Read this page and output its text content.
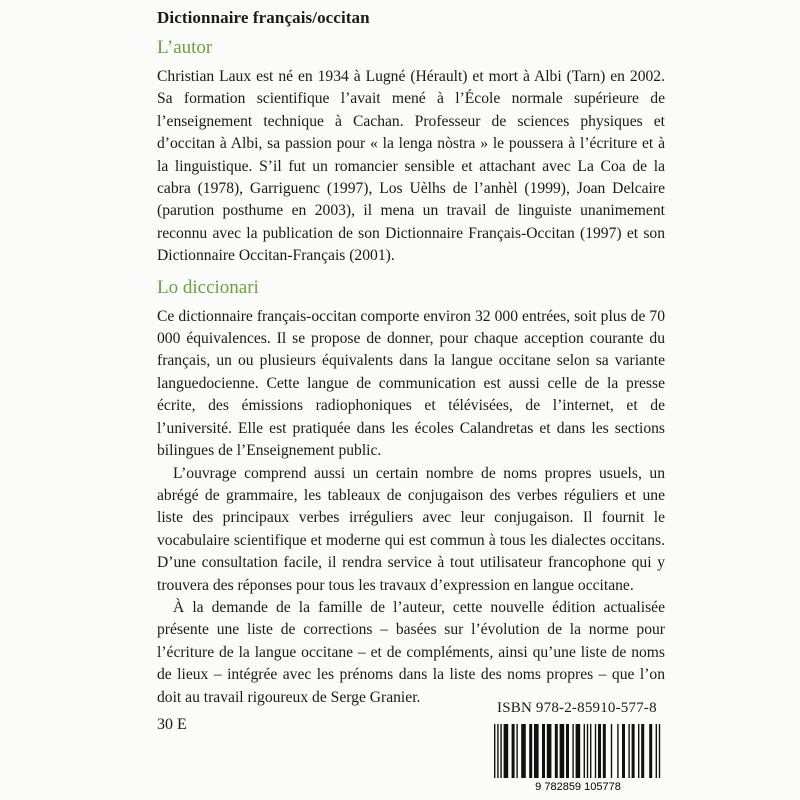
Dictionnaire français/occitan
L’autor

Christian Laux est né en 1934 à Lugné (Hérault) et mort à Albi (Tarn) en 2002. Sa formation scientifique l’avait mené à l’École normale supérieure de l’enseignement technique à Cachan. Professeur de sciences physiques et d’occitan à Albi, sa passion pour « la lenga nòstra » le poussera à l’écriture et à la linguistique. S’il fut un romancier sensible et attachant avec La Coa de la cabra (1978), Garriguenc (1997), Los Uèlhs de l’anhèl (1999), Joan Delcaire (parution posthume en 2003), il mena un travail de linguiste unanimement reconnu avec la publication de son Dictionnaire Français-Occitan (1997) et son Dictionnaire Occitan-Français (2001).

Lo diccionari

Ce dictionnaire français-occitan comporte environ 32 000 entrées, soit plus de 70 000 équivalences. Il se propose de donner, pour chaque acception courante du français, un ou plusieurs équivalents dans la langue occitane selon sa variante languedocienne. Cette langue de communication est aussi celle de la presse écrite, des émissions radiophoniques et télévisées, de l’internet, et de l’université. Elle est pratiquée dans les écoles Calandretas et dans les sections bilingues de l’Enseignement public.

L’ouvrage comprend aussi un certain nombre de noms propres usuels, un abrégé de grammaire, les tableaux de conjugaison des verbes réguliers et une liste des principaux verbes irréguliers avec leur conjugaison. Il fournit le vocabulaire scientifique et moderne qui est commun à tous les dialectes occitans. D’une consultation facile, il rendra service à tout utilisateur francophone qui y trouvera des réponses pour tous les travaux d’expression en langue occitane.

À la demande de la famille de l’auteur, cette nouvelle édition actualisée présente une liste de corrections – basées sur l’évolution de la norme pour l’écriture de la langue occitane – et de compléments, ainsi qu’une liste de noms de lieux – intégrée avec les prénoms dans la liste des noms propres – que l’on doit au travail rigoureux de Serge Granier.

ISBN 978-2-85910-577-8
30 E
9 782859 105778
